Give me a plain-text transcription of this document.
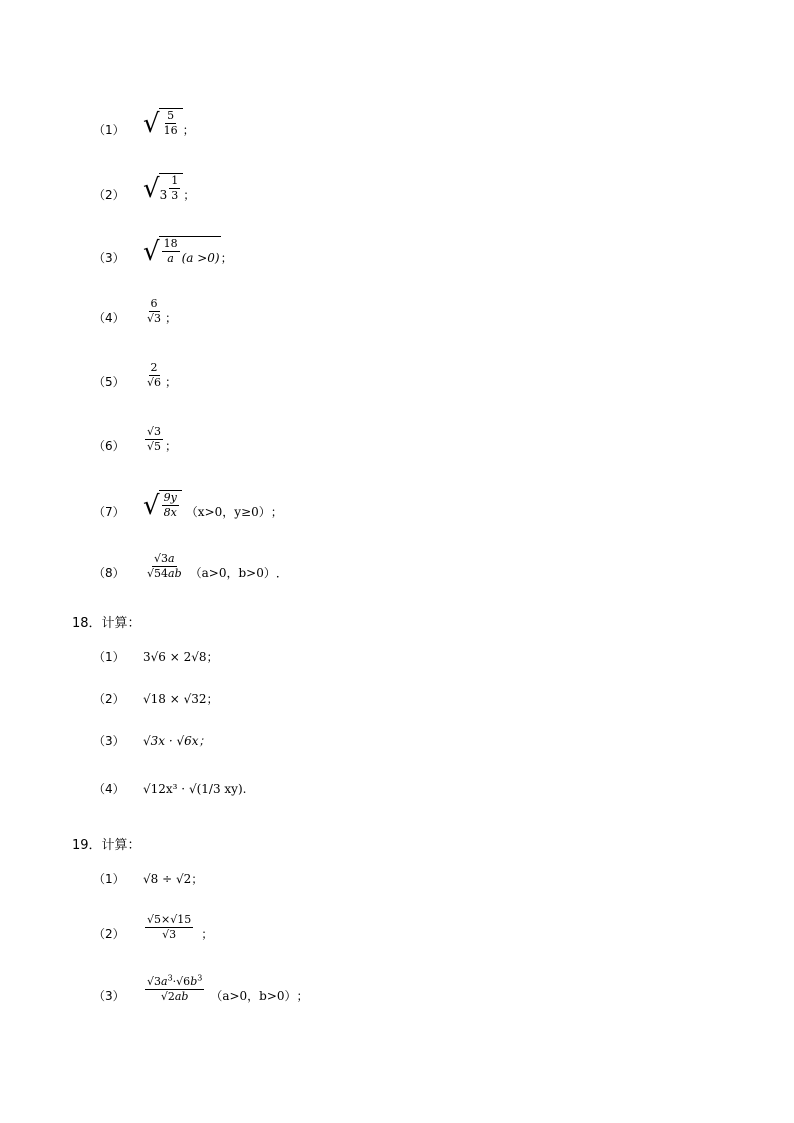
（1） √ $\frac{5}{16}$ ；
（2） √ $3 \frac{1}{3}$ ；
（3） √ $\frac{18}{a} (a >0)$ ；
（4）	$\frac{6}{√3}$ ；
（5）	$\frac{2}{√6}$ ；
（6）	$\frac{√3}{√5}$ ；
（7） √ $\frac{9y}{8x} (x>0$，y≥0） ；
（8）	$\frac{√3a}{√54ab} (a>0$，b>0） ．
18．计算：
（1）	3√6 × 2√8 ；
（2）	√18 × √32 ；
（3）	√3x · √6x ；
（4）	√12x³ · √(1/3 xy) .
19．计算：
（1）	√8 ÷ √2 ；
（2）	$\frac{√5\times√15}{√3}$ ；
（3）	$\frac{√3a^3\cdot√6b^3}{√2ab} (a>0$，b>0） ；
